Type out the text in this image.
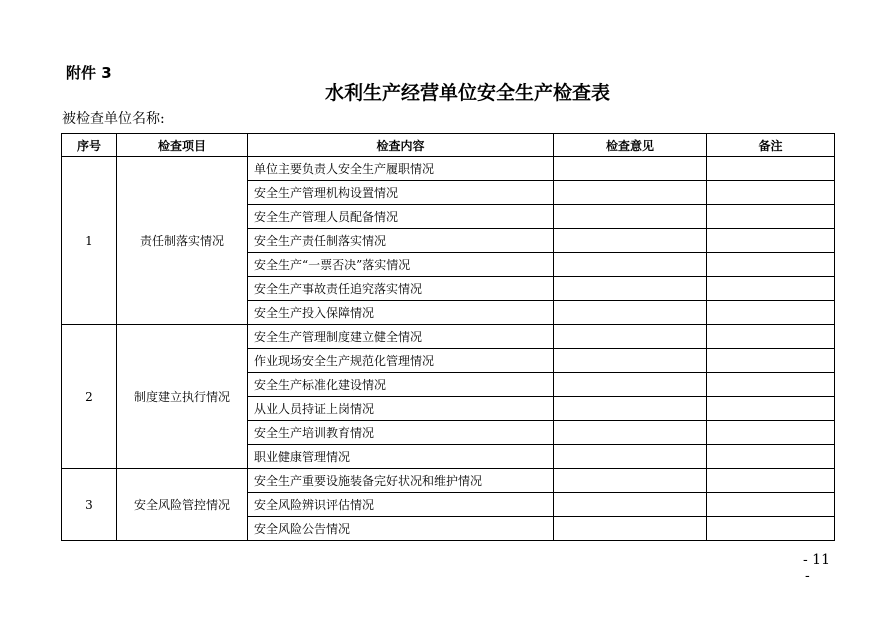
附件 3
水利生产经营单位安全生产检查表
被检查单位名称:
序号	检查项目	检查内容	检查意见	备注
1	责任制落实情况	单位主要负责人安全生产履职情况		
		安全生产管理机构设置情况		
		安全生产管理人员配备情况		
		安全生产责任制落实情况		
		安全生产“一票否决”落实情况		
		安全生产事故责任追究落实情况		
		安全生产投入保障情况		
2	制度建立执行情况	安全生产管理制度建立健全情况		
		作业现场安全生产规范化管理情况		
		安全生产标准化建设情况		
		从业人员持证上岗情况		
		安全生产培训教育情况		
		职业健康管理情况		
3	安全风险管控情况	安全生产重要设施装备完好状况和维护情况		
		安全风险辨识评估情况		
		安全风险公告情况		
- 11
-
